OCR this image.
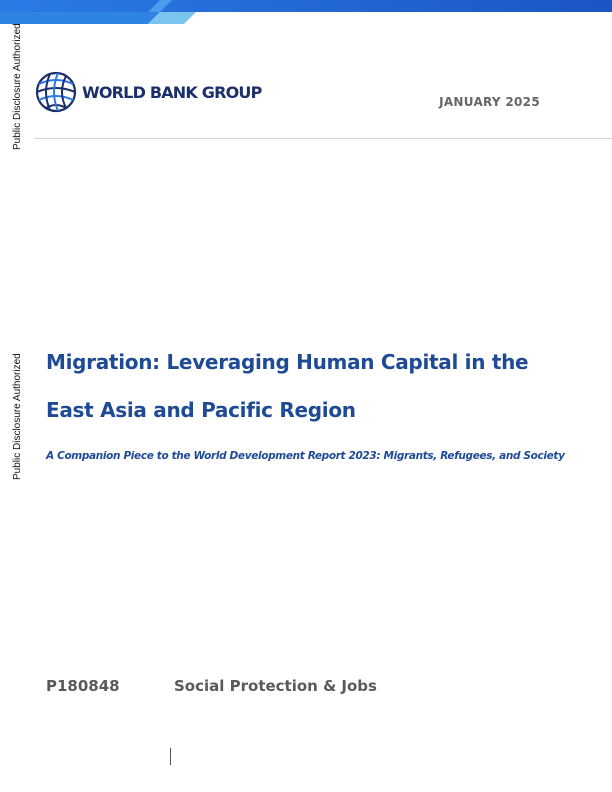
Public Disclosure Authorized
Public Disclosure Authorized
WORLD BANK GROUP
JANUARY 2025
Migration: Leveraging Human Capital in the East Asia and Pacific Region

A Companion Piece to the World Development Report 2023: Migrants, Refugees, and Society

P180848	Social Protection & Jobs
